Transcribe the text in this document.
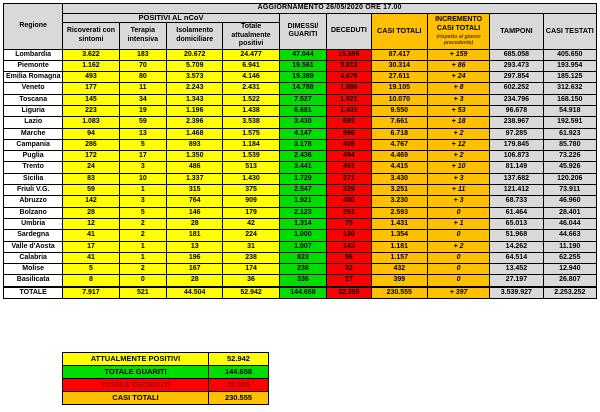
Regione	AGGIORNAMENTO 26/05/2020 ORE 17.00									
	POSITIVI AL nCoV				DIMESSI/ GUARITI	DECEDUTI	CASI TOTALI	INCREMENTO CASI TOTALI
(rispetto al giorno precedente)	TAMPONI	CASI TESTATI
	Ricoverati con sintomi	Terapia intensiva	Isolamento domiciliare	Totale attualmente positivi						
Lombardia	3.622	183	20.672	24.477	47.044	15.896	87.417	+ 159	685.058	405.650
Piemonte	1.162	70	5.709	6.941	19.561	3.812	30.314	+ 86	293.473	193.954
Emilia Romagna	493	80	3.573	4.146	19.389	4.076	27.611	+ 24	297.854	185.125
Veneto	177	11	2.243	2.431	14.788	1.886	19.105	+ 8	602.252	312.632
Toscana	145	34	1.343	1.522	7.527	1.021	10.070	+ 3	234.796	168.150
Liguria	223	19	1.196	1.438	6.681	1.431	9.550	+ 53	96.678	54.918
Lazio	1.083	59	2.396	3.538	3.430	693	7.661	+ 18	238.967	192.591
Marche	94	13	1.468	1.575	4.147	996	6.718	+ 2	97.285	61.923
Campania	286	5	893	1.184	3.178	405	4.767	+ 12	179.845	85.780
Puglia	172	17	1.350	1.539	2.436	494	4.469	+ 2	106.873	73.226
Trento	24	3	486	513	3.441	461	4.415	+ 10	81.149	45.926
Sicilia	83	10	1.337	1.430	1.729	271	3.430	+ 3	137.682	120.206
Friuli V.G.	59	1	315	375	2.547	329	3.251	+ 11	121.412	73.911
Abruzzo	142	3	764	909	1.921	400	3.230	+ 3	68.733	46.960
Bolzano	28	5	146	179	2.123	291	2.593	0	61.464	28.401
Umbria	12	2	28	42	1.314	75	1.431	+ 1	65.013	46.044
Sardegna	41	2	181	224	1.000	130	1.354	0	51.968	44.663
Valle d'Aosta	17	1	13	31	1.007	143	1.181	+ 2	14.262	11.190
Calabria	41	1	196	238	823	96	1.157	0	64.514	62.255
Molise	5	2	167	174	236	22	432	0	13.452	12.940
Basilicata	8	0	28	36	336	27	399	0	27.197	26.807
TOTALE	7.917	521	44.504	52.942	144.658	32.955	230.555	+ 397	3.539.927	2.253.252
ATTUALMENTE POSITIVI	52.942
TOTALE GUARITI	144.658
TOTALE DECEDUTI	32.955
CASI TOTALI	230.555
